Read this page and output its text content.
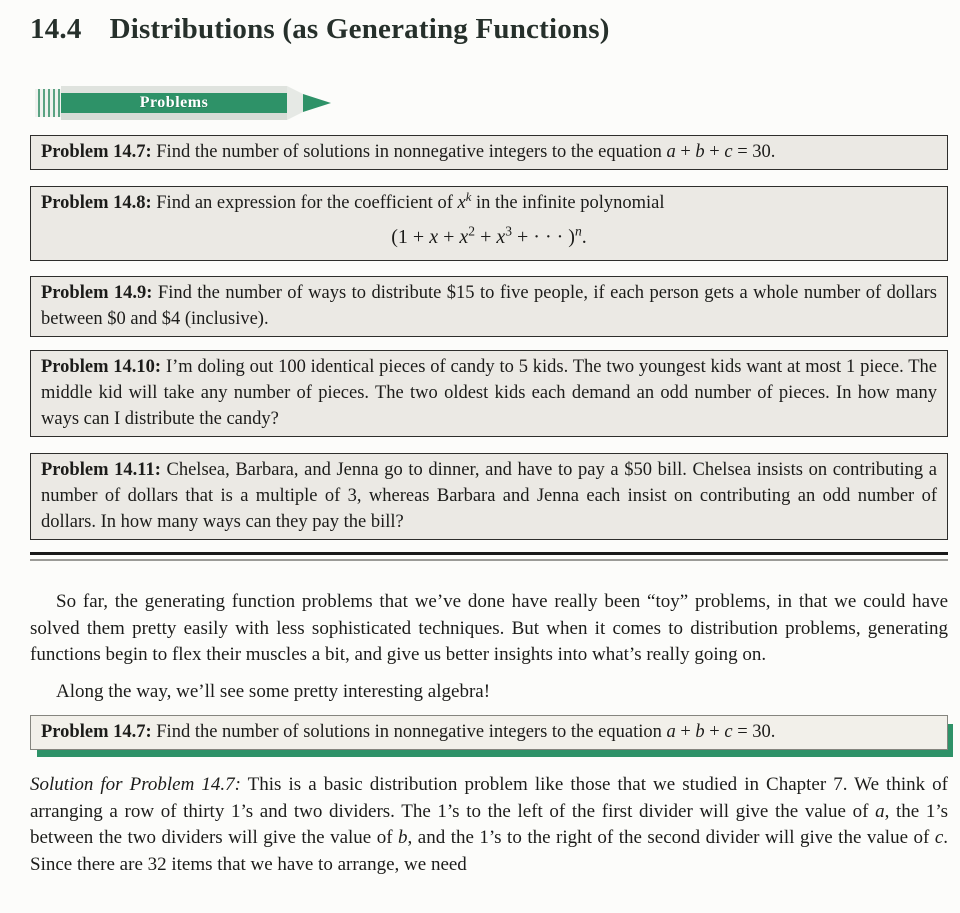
14.4 Distributions (as Generating Functions)
Problems

Problem 14.7: Find the number of solutions in nonnegative integers to the equation a + b + c = 30.

Problem 14.8: Find an expression for the coefficient of $x^k$ in the infinite polynomial

($1 + x + x^2 + x^3$ + · · · )$^n$.

Problem 14.9: Find the number of ways to distribute $15 to five people, if each person gets a whole number of dollars between $0 and $4 (inclusive).

Problem 14.10: I’m doling out 100 identical pieces of candy to 5 kids. The two youngest kids want at most 1 piece. The middle kid will take any number of pieces. The two oldest kids each demand an odd number of pieces. In how many ways can I distribute the candy?

Problem 14.11: Chelsea, Barbara, and Jenna go to dinner, and have to pay a $50 bill. Chelsea insists on contributing a number of dollars that is a multiple of 3, whereas Barbara and Jenna each insist on contributing an odd number of dollars. In how many ways can they pay the bill?

So far, the generating function problems that we’ve done have really been “toy” problems, in that we could have solved them pretty easily with less sophisticated techniques. But when it comes to distribution problems, generating functions begin to flex their muscles a bit, and give us better insights into what’s really going on.

Along the way, we’ll see some pretty interesting algebra!

Problem 14.7: Find the number of solutions in nonnegative integers to the equation a + b + c = 30.

Solution for Problem 14.7: This is a basic distribution problem like those that we studied in Chapter 7. We think of arranging a row of thirty 1’s and two dividers. The 1’s to the left of the first divider will give the value of a, the 1’s between the two dividers will give the value of b, and the 1’s to the right of the second divider will give the value of c. Since there are 32 items that we have to arrange, we need
